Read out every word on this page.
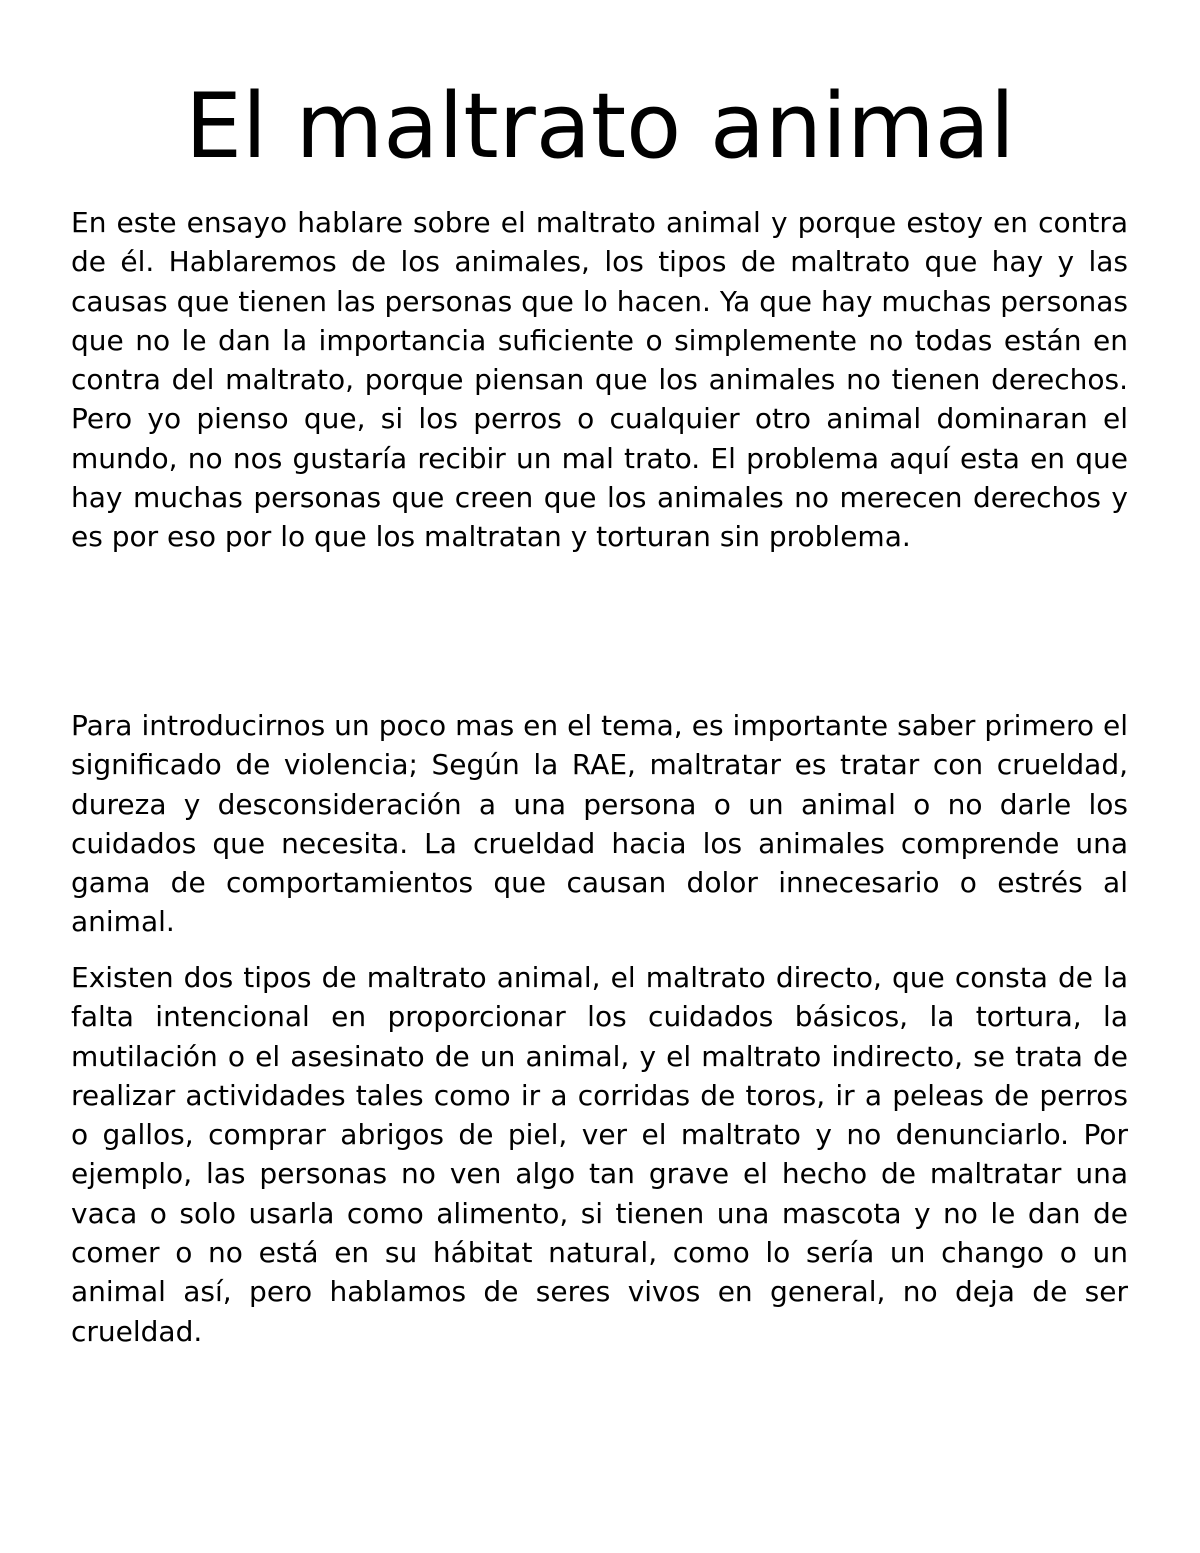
El maltrato animal

En este ensayo hablare sobre el maltrato animal y porque estoy en contra de él. Hablaremos de los animales, los tipos de maltrato que hay y las causas que tienen las personas que lo hacen. Ya que hay muchas personas que no le dan la importancia suficiente o simplemente no todas están en contra del maltrato, porque piensan que los animales no tienen derechos. Pero yo pienso que, si los perros o cualquier otro animal dominaran el mundo, no nos gustaría recibir un mal trato. El problema aquí esta en que hay muchas personas que creen que los animales no merecen derechos y es por eso por lo que los maltratan y torturan sin problema.

Para introducirnos un poco mas en el tema, es importante saber primero el significado de violencia; Según la RAE, maltratar es tratar con crueldad, dureza y desconsideración a una persona o un animal o no darle los cuidados que necesita. La crueldad hacia los animales comprende una gama de comportamientos que causan dolor innecesario o estrés al animal.

Existen dos tipos de maltrato animal, el maltrato directo, que consta de la falta intencional en proporcionar los cuidados básicos, la tortura, la mutilación o el asesinato de un animal, y el maltrato indirecto, se trata de realizar actividades tales como ir a corridas de toros, ir a peleas de perros o gallos, comprar abrigos de piel, ver el maltrato y no denunciarlo. Por ejemplo, las personas no ven algo tan grave el hecho de maltratar una vaca o solo usarla como alimento, si tienen una mascota y no le dan de comer o no está en su hábitat natural, como lo sería un chango o un animal así, pero hablamos de seres vivos en general, no deja de ser crueldad.
